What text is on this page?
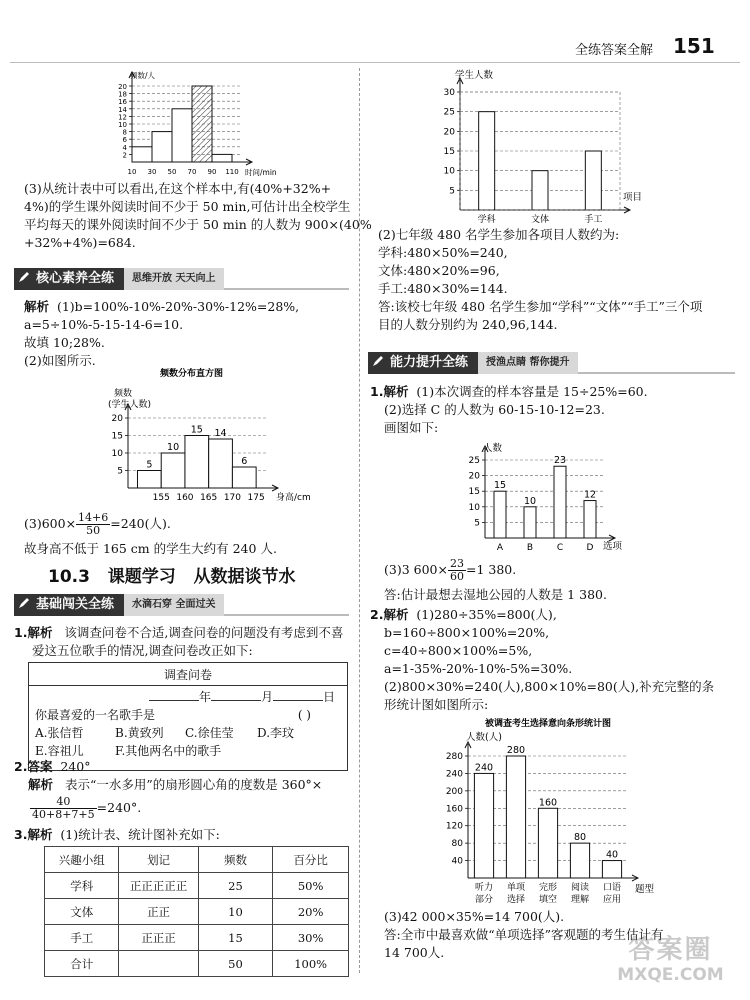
全练答案全解 151
2
4
6
8
10
12
14
16
18
20
10 30 50 70 90 110
频数/人
时间/min
(3)从统计表中可以看出,在这个样本中,有(40%+32%+
4%)的学生课外阅读时间不少于 50 min,可估计出全校学生
平均每天的课外阅读时间不少于 50 min 的人数为 900×(40%
+32%+4%)=684.
核心素养全练	思维开放 天天向上
解析 (1)b=100%-10%-20%-30%-12%=28%,
a=5÷10%-5-15-14-6=10.
故填 10;28%.
(2)如图所示.
5
10
15
20
5
10
15 14
6
155 160 165 170 175
频数分布直方图
频数
(学生人数)
身高/cm
$(3)600\times \frac{14+6}{50} =240$(人).
故身高不低于 165 cm 的学生大约有 240 人.
10.3 课题学习 从数据谈节水
基础闯关全练	水滴石穿 全面过关
1.解析 该调查问卷不合适,调查问卷的问题没有考虑到不喜
爱这五位歌手的情况,调查问卷改正如下:
调查问卷

年	月	日
你最喜爱的一名歌手是	( )
A.张信哲	B.黄致列 C.徐佳莹 D.李玟
E.容祖儿	F.其他两名中的歌手
2.答案 240°
解析 表示“一水多用”的扇形圆心角的度数是 360°×
$\frac{40}{40+8+7+5} =240^\circ$.
3.解析 (1)统计表、统计图补充如下:
兴趣小组	划记	频数	百分比
学科	正正正正正	25	50%
文体	正正	10	20%
手工	正正正	15	30%
合计		50	100%
5
10
15
20
25
30
学科	文体	手工
学生人数
项目
(2)七年级 480 名学生参加各项目人数约为:
学科:480×50%=240,
文体:480×20%=96,
手工:480×30%=144.
答:该校七年级 480 名学生参加“学科”“文体”“手工”三个项
目的人数分别约为 240,96,144.
能力提升全练	授渔点睛 帮你提升
1.解析 (1)本次调查的样本容量是 15÷25%=60.
(2)选择 C 的人数为 60-15-10-12=23.
画图如下:
5
10
15
20
25
15
A
10
B
23
C
12
D
人数
选项
(3)3 $600\times \frac{23}{60} =1$ 380.
答:估计最想去湿地公园的人数是 1 380.
2.解析 (1)280÷35%=800(人),
b=160÷800×100%=20%,
c=40÷800×100%=5%,
a=1-35%-20%-10%-5%=30%.
(2)800×30%=240(人),800×10%=80(人),补充完整的条
形统计图如图所示:
40
80
120
160
200
240
280
240
听力
部分
280
单项
选择
160
完形
填空
80
阅读
理解
40
口语
应用
被调查考生选择意向条形统计图
人数(人)
题型
(3)42 000×35%=14 700(人).
答:全市中最喜欢做“单项选择”客观题的考生估计有
14 700人.	答案圈
MXQE.COM
